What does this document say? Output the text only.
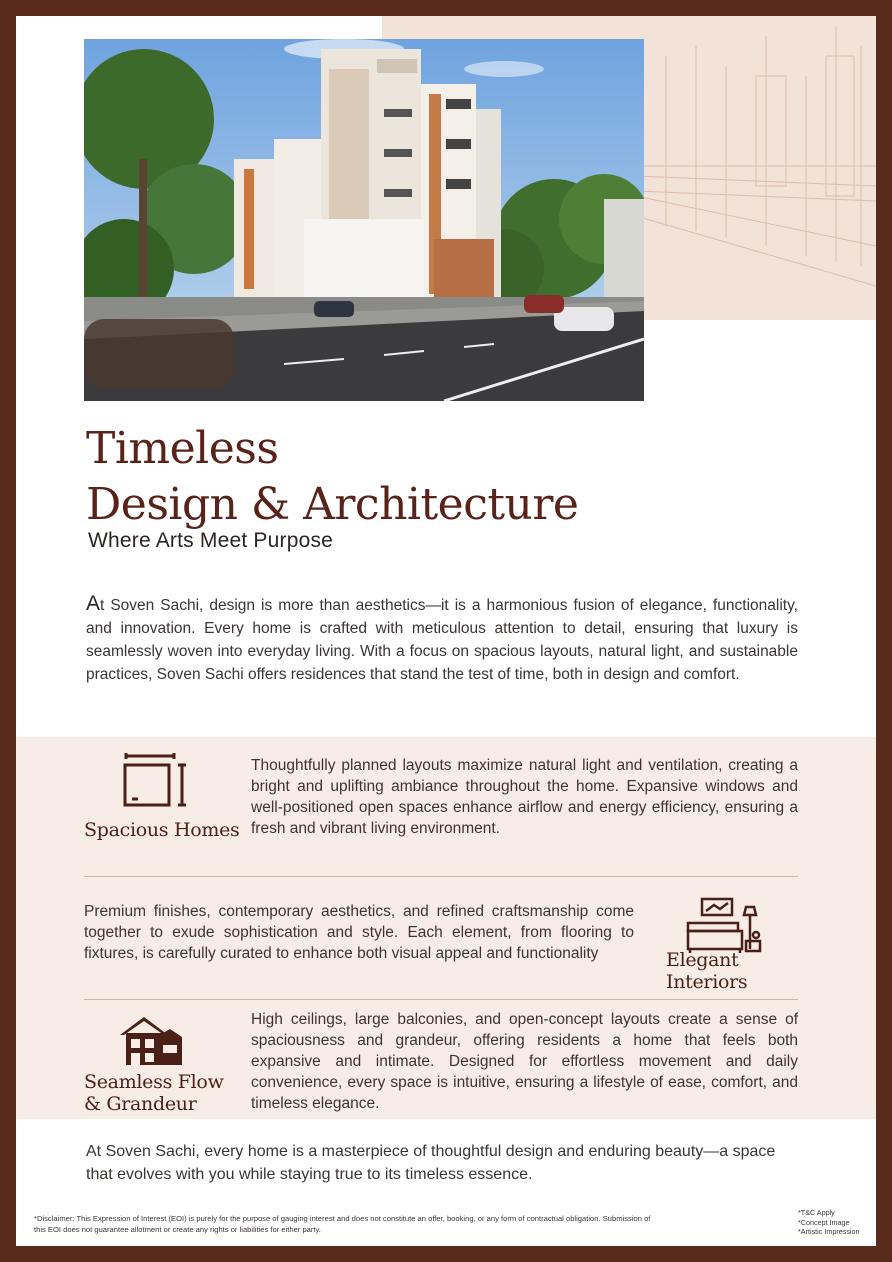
Timeless
Design & Architecture
Where Arts Meet Purpose

At Soven Sachi, design is more than aesthetics—it is a harmonious fusion of elegance, functionality, and innovation. Every home is crafted with meticulous attention to detail, ensuring that luxury is seamlessly woven into everyday living. With a focus on spacious layouts, natural light, and sustainable practices, Soven Sachi offers residences that stand the test of time, both in design and comfort.

Spacious Homes
Thoughtfully planned layouts maximize natural light and ventilation, creating a bright and uplifting ambiance throughout the home. Expansive windows and well-positioned open spaces enhance airflow and energy efficiency, ensuring a fresh and vibrant living environment.
Premium finishes, contemporary aesthetics, and refined craftsmanship come together to exude sophistication and style. Each element, from flooring to fixtures, is carefully curated to enhance both visual appeal and functionality	Elegant Interiors
Seamless Flow
& Grandeur
High ceilings, large balconies, and open-concept layouts create a sense of spaciousness and grandeur, offering residents a home that feels both expansive and intimate. Designed for effortless movement and daily convenience, every space is intuitive, ensuring a lifestyle of ease, comfort, and timeless elegance.

At Soven Sachi, every home is a masterpiece of thoughtful design and enduring beauty—a space that evolves with you while staying true to its timeless essence.

*Disclaimer: This Expression of Interest (EOI) is purely for the purpose of gauging interest and does not constitute an offer, booking, or any form of contractual obligation. Submission of this EOI does not guarantee allotment or create any rights or liabilities for either party.

*T&C Apply
*Concept Image
*Artistic Impression
